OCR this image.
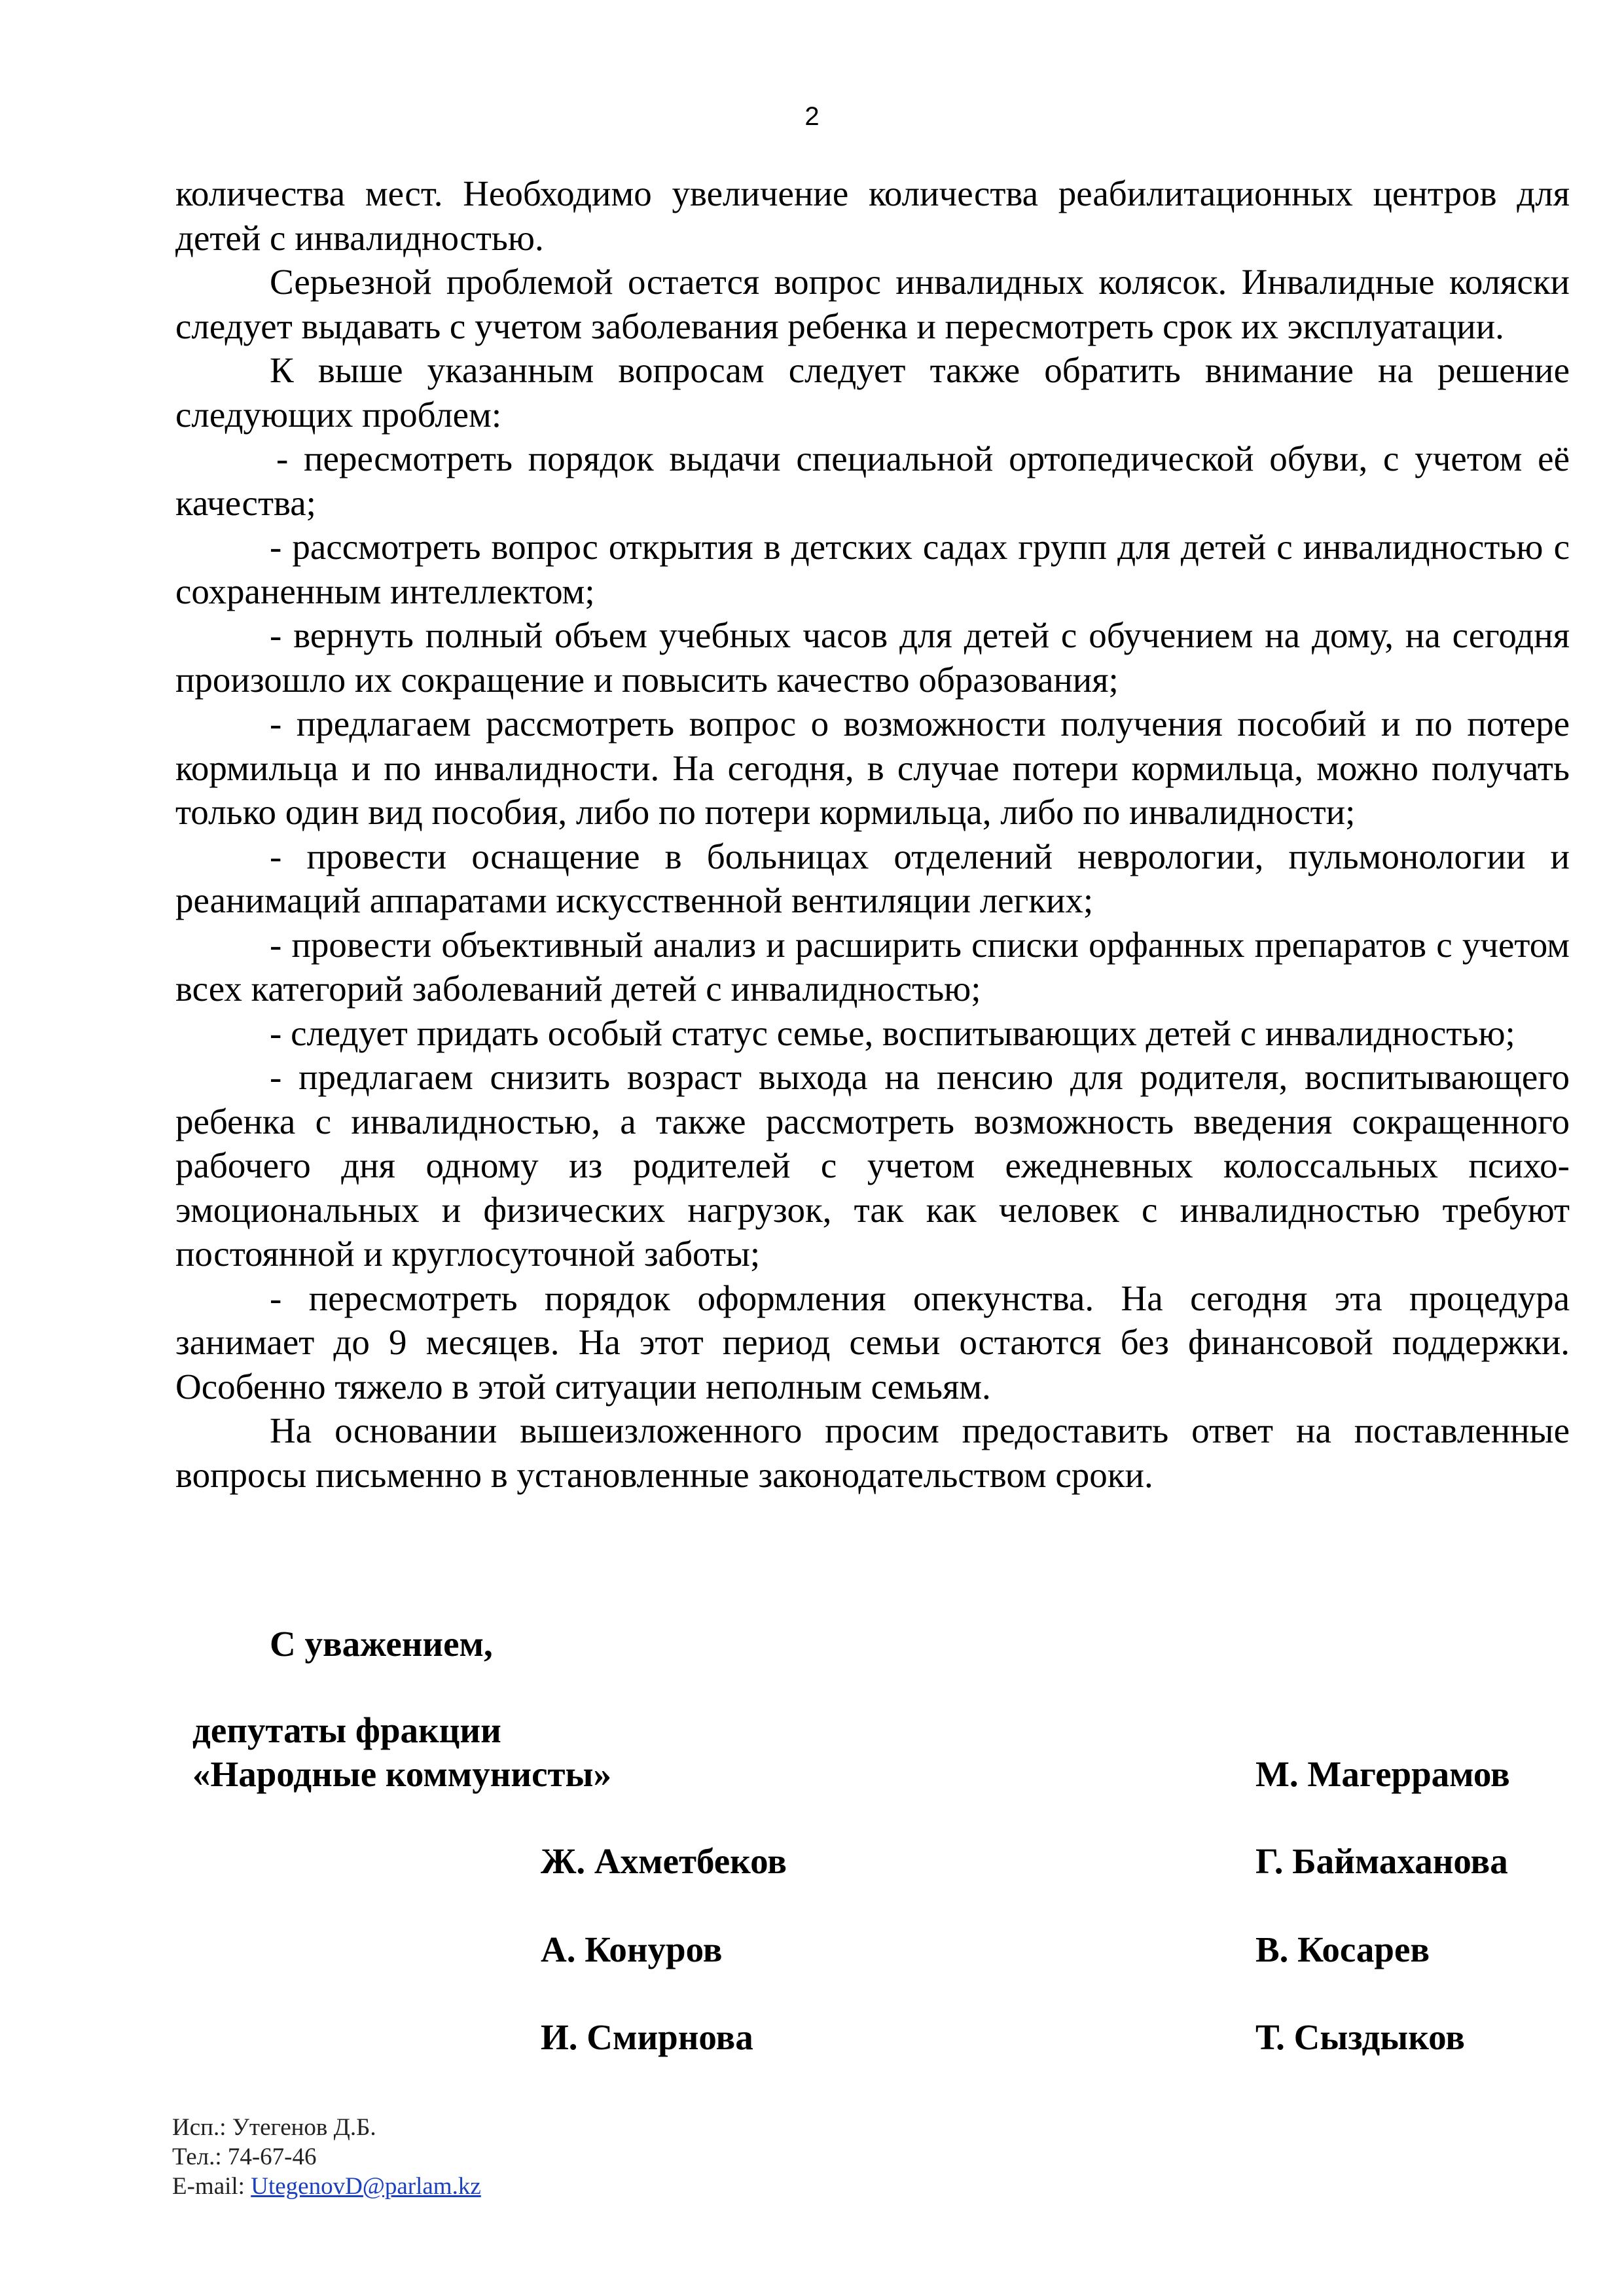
2

количества мест. Необходимо увеличение количества реабилитационных центров для детей с инвалидностью.

Серьезной проблемой остается вопрос инвалидных колясок. Инвалидные коляски следует выдавать с учетом заболевания ребенка и пересмотреть срок их эксплуатации.

К выше указанным вопросам следует также обратить внимание на решение следующих проблем:

- пересмотреть порядок выдачи специальной ортопедической обуви, с учетом её качества;

- рассмотреть вопрос открытия в детских садах групп для детей с инвалидностью с сохраненным интеллектом;

- вернуть полный объем учебных часов для детей с обучением на дому, на сегодня произошло их сокращение и повысить качество образования;

- предлагаем рассмотреть вопрос о возможности получения пособий и по потере кормильца и по инвалидности. На сегодня, в случае потери кормильца, можно получать только один вид пособия, либо по потери кормильца, либо по инвалидности;

- провести оснащение в больницах отделений неврологии, пульмонологии и реанимаций аппаратами искусственной вентиляции легких;

- провести объективный анализ и расширить списки орфанных препаратов с учетом всех категорий заболеваний детей с инвалидностью;

- следует придать особый статус семье, воспитывающих детей с инвалидностью;

- предлагаем снизить возраст выхода на пенсию для родителя, воспитывающего ребенка с инвалидностью, а также рассмотреть возможность введения сокращенного рабочего дня одному из родителей с учетом ежедневных колоссальных психо-эмоциональных и физических нагрузок, так как человек с инвалидностью требуют постоянной и круглосуточной заботы;

- пересмотреть порядок оформления опекунства. На сегодня эта процедура занимает до 9 месяцев. На этот период семьи остаются без финансовой поддержки. Особенно тяжело в этой ситуации неполным семьям.

На основании вышеизложенного просим предоставить ответ на поставленные вопросы письменно в установленные законодательством сроки.

С уважением,
депутаты фракции
«Народные коммунисты»	М. Магеррамов
Ж. Ахметбеков	Г. Баймаханова
А. Конуров	В. Косарев
И. Смирнова	Т. Сыздыков
Исп.: Утегенов Д.Б.
Тел.: 74-67-46
E-mail: UtegenovD@parlam.kz
